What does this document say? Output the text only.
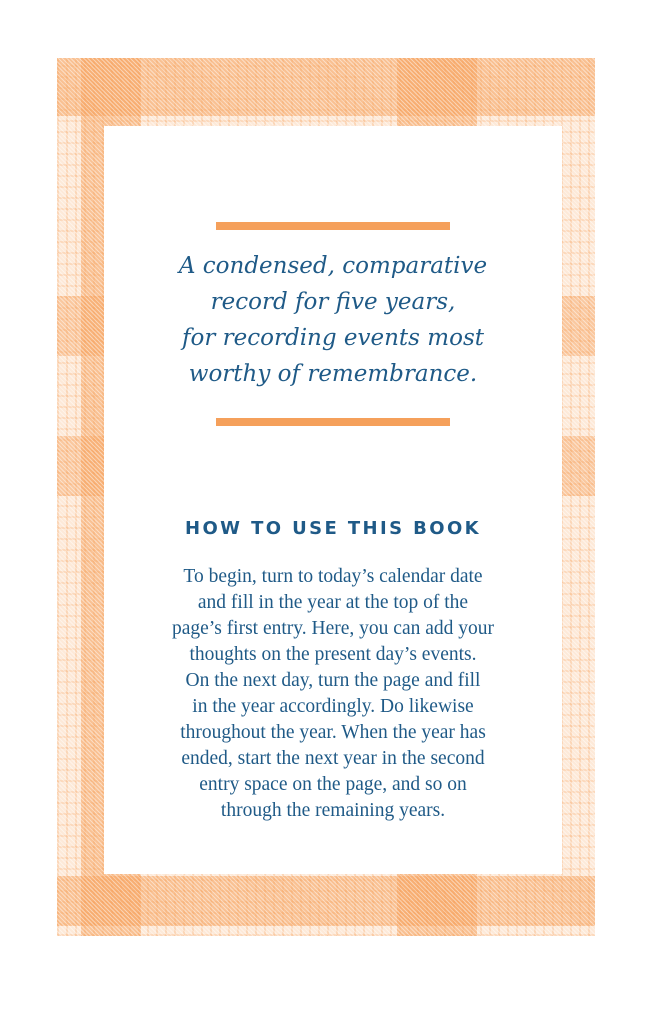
A condensed, comparative
record for five years,
for recording events most
worthy of remembrance.

HOW TO USE THIS BOOK

To begin, turn to today’s calendar date
and fill in the year at the top of the
page’s first entry. Here, you can add your
thoughts on the present day’s events.
On the next day, turn the page and fill
in the year accordingly. Do likewise
throughout the year. When the year has
ended, start the next year in the second
entry space on the page, and so on
through the remaining years.
